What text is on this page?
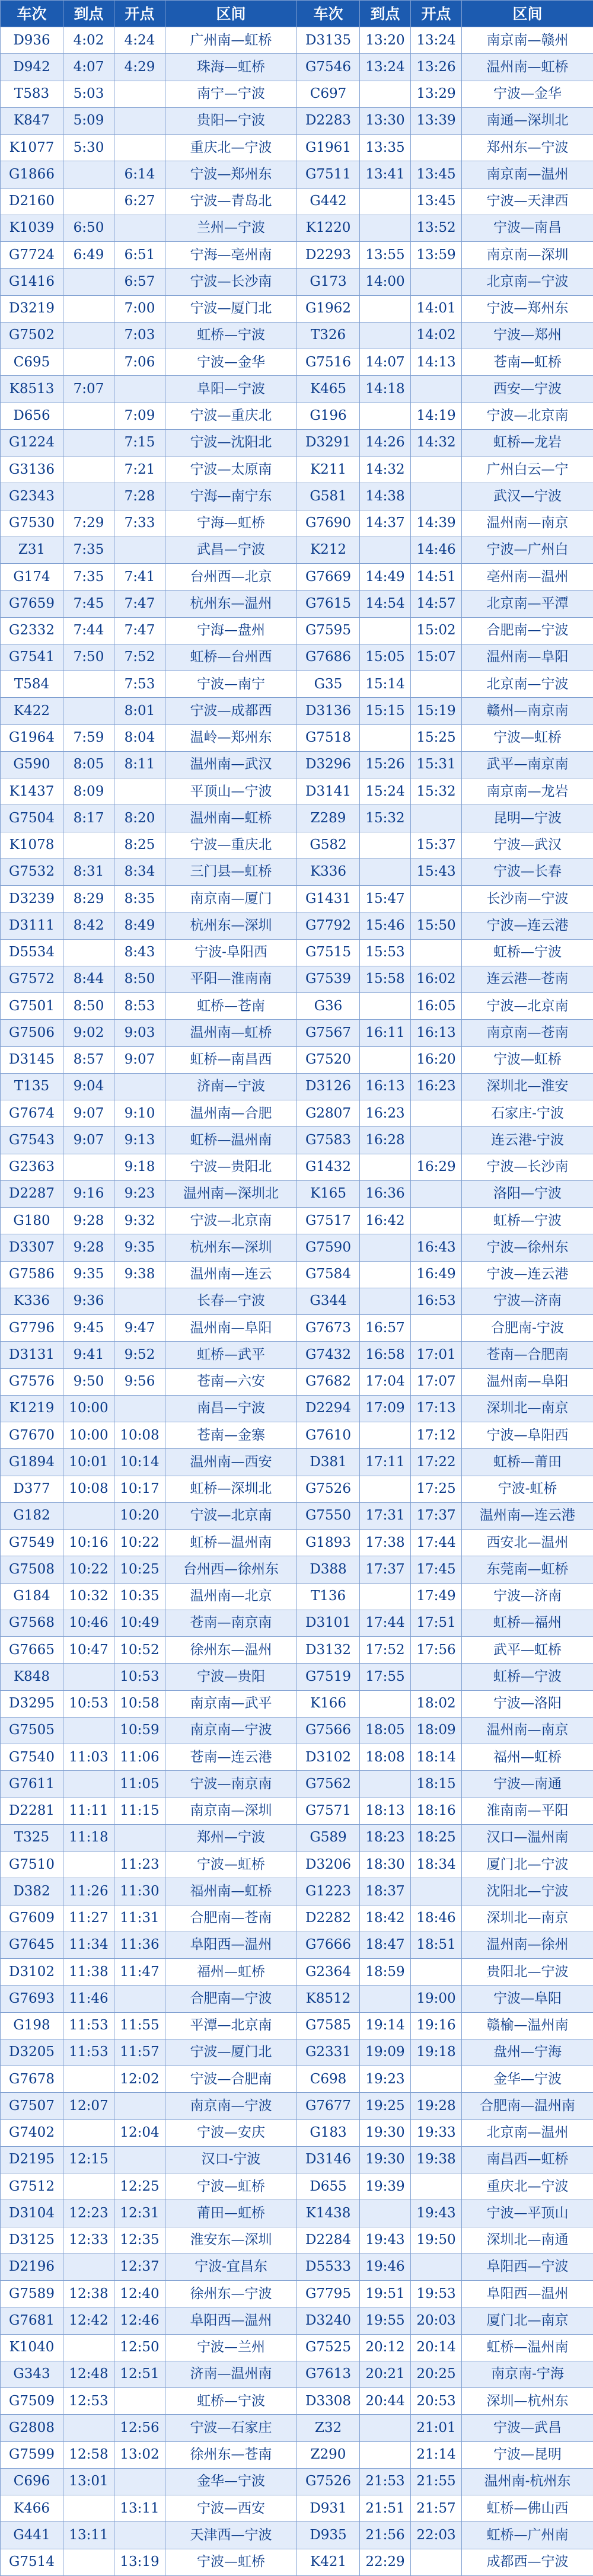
车次	到点	开点	区间	车次	到点	开点	区间
D936	4:02	4:24	广州南—虹桥	D3135	13:20	13:24	南京南—赣州
D942	4:07	4:29	珠海—虹桥	G7546	13:24	13:26	温州南—虹桥
T583	5:03		南宁—宁波	C697		13:29	宁波—金华
K847	5:09		贵阳—宁波	D2283	13:30	13:39	南通—深圳北
K1077	5:30		重庆北—宁波	G1961	13:35		郑州东—宁波
G1866		6:14	宁波—郑州东	G7511	13:41	13:45	南京南—温州
D2160		6:27	宁波—青岛北	G442		13:45	宁波—天津西
K1039	6:50		兰州—宁波	K1220		13:52	宁波—南昌
G7724	6:49	6:51	宁海—亳州南	D2293	13:55	13:59	南京南—深圳
G1416		6:57	宁波—长沙南	G173	14:00		北京南—宁波
D3219		7:00	宁波—厦门北	G1962		14:01	宁波—郑州东
G7502		7:03	虹桥—宁波	T326		14:02	宁波—郑州
C695		7:06	宁波—金华	G7516	14:07	14:13	苍南—虹桥
K8513	7:07		阜阳—宁波	K465	14:18		西安—宁波
D656		7:09	宁波—重庆北	G196		14:19	宁波—北京南
G1224		7:15	宁波—沈阳北	D3291	14:26	14:32	虹桥—龙岩
G3136		7:21	宁波—太原南	K211	14:32		广州白云—宁
G2343		7:28	宁海—南宁东	G581	14:38		武汉—宁波
G7530	7:29	7:33	宁海—虹桥	G7690	14:37	14:39	温州南—南京
Z31	7:35		武昌—宁波	K212		14:46	宁波—广州白
G174	7:35	7:41	台州西—北京	G7669	14:49	14:51	亳州南—温州
G7659	7:45	7:47	杭州东—温州	G7615	14:54	14:57	北京南—平潭
G2332	7:44	7:47	宁海—盘州	G7595		15:02	合肥南—宁波
G7541	7:50	7:52	虹桥—台州西	G7686	15:05	15:07	温州南—阜阳
T584		7:53	宁波—南宁	G35	15:14		北京南—宁波
K422		8:01	宁波—成都西	D3136	15:15	15:19	赣州—南京南
G1964	7:59	8:04	温岭—郑州东	G7518		15:25	宁波—虹桥
G590	8:05	8:11	温州南—武汉	D3296	15:26	15:31	武平—南京南
K1437	8:09		平顶山—宁波	D3141	15:24	15:32	南京南—龙岩
G7504	8:17	8:20	温州南—虹桥	Z289	15:32		昆明—宁波
K1078		8:25	宁波—重庆北	G582		15:37	宁波—武汉
G7532	8:31	8:34	三门县—虹桥	K336		15:43	宁波—长春
D3239	8:29	8:35	南京南—厦门	G1431	15:47		长沙南—宁波
D3111	8:42	8:49	杭州东—深圳	G7792	15:46	15:50	宁波—连云港
D5534		8:43	宁波-阜阳西	G7515	15:53		虹桥—宁波
G7572	8:44	8:50	平阳—淮南南	G7539	15:58	16:02	连云港—苍南
G7501	8:50	8:53	虹桥—苍南	G36		16:05	宁波—北京南
G7506	9:02	9:03	温州南—虹桥	G7567	16:11	16:13	南京南—苍南
D3145	8:57	9:07	虹桥—南昌西	G7520		16:20	宁波—虹桥
T135	9:04		济南—宁波	D3126	16:13	16:23	深圳北—淮安
G7674	9:07	9:10	温州南—合肥	G2807	16:23		石家庄-宁波
G7543	9:07	9:13	虹桥—温州南	G7583	16:28		连云港-宁波
G2363		9:18	宁波—贵阳北	G1432		16:29	宁波—长沙南
D2287	9:16	9:23	温州南—深圳北	K165	16:36		洛阳—宁波
G180	9:28	9:32	宁波—北京南	G7517	16:42		虹桥—宁波
D3307	9:28	9:35	杭州东—深圳	G7590		16:43	宁波—徐州东
G7586	9:35	9:38	温州南—连云	G7584		16:49	宁波—连云港
K336	9:36		长春—宁波	G344		16:53	宁波—济南
G7796	9:45	9:47	温州南—阜阳	G7673	16:57		合肥南-宁波
D3131	9:41	9:52	虹桥—武平	G7432	16:58	17:01	苍南—合肥南
G7576	9:50	9:56	苍南—六安	G7682	17:04	17:07	温州南—阜阳
K1219	10:00		南昌—宁波	D2294	17:09	17:13	深圳北—南京
G7670	10:00	10:08	苍南—金寨	G7610		17:12	宁波—阜阳西
G1894	10:01	10:14	温州南—西安	D381	17:11	17:22	虹桥—莆田
D377	10:08	10:17	虹桥—深圳北	G7526		17:25	宁波-虹桥
G182		10:20	宁波—北京南	G7550	17:31	17:37	温州南—连云港
G7549	10:16	10:22	虹桥—温州南	G1893	17:38	17:44	西安北—温州
G7508	10:22	10:25	台州西—徐州东	D388	17:37	17:45	东莞南—虹桥
G184	10:32	10:35	温州南—北京	T136		17:49	宁波—济南
G7568	10:46	10:49	苍南—南京南	D3101	17:44	17:51	虹桥—福州
G7665	10:47	10:52	徐州东—温州	D3132	17:52	17:56	武平—虹桥
K848		10:53	宁波—贵阳	G7519	17:55		虹桥—宁波
D3295	10:53	10:58	南京南—武平	K166		18:02	宁波—洛阳
G7505		10:59	南京南—宁波	G7566	18:05	18:09	温州南—南京
G7540	11:03	11:06	苍南—连云港	D3102	18:08	18:14	福州—虹桥
G7611		11:05	宁波—南京南	G7562		18:15	宁波—南通
D2281	11:11	11:15	南京南—深圳	G7571	18:13	18:16	淮南南—平阳
T325	11:18		郑州—宁波	G589	18:23	18:25	汉口—温州南
G7510		11:23	宁波—虹桥	D3206	18:30	18:34	厦门北—宁波
D382	11:26	11:30	福州南—虹桥	G1223	18:37		沈阳北—宁波
G7609	11:27	11:31	合肥南—苍南	D2282	18:42	18:46	深圳北—南京
G7645	11:34	11:36	阜阳西—温州	G7666	18:47	18:51	温州南—徐州
D3102	11:38	11:47	福州—虹桥	G2364	18:59		贵阳北—宁波
G7693	11:46		合肥南—宁波	K8512		19:00	宁波—阜阳
G198	11:53	11:55	平潭—北京南	G7585	19:14	19:16	赣榆—温州南
D3205	11:53	11:57	宁波—厦门北	G2331	19:09	19:18	盘州—宁海
G7678		12:02	宁波—合肥南	C698	19:23		金华—宁波
G7507	12:07		南京南—宁波	G7677	19:25	19:28	合肥南—温州南
G7402		12:04	宁波—安庆	G183	19:30	19:33	北京南—温州
D2195	12:15		汉口-宁波	D3146	19:30	19:38	南昌西—虹桥
G7512		12:25	宁波—虹桥	D655	19:39		重庆北—宁波
D3104	12:23	12:31	莆田—虹桥	K1438		19:43	宁波—平顶山
D3125	12:33	12:35	淮安东—深圳	D2284	19:43	19:50	深圳北—南通
D2196		12:37	宁波-宜昌东	D5533	19:46		阜阳西—宁波
G7589	12:38	12:40	徐州东—宁波	G7795	19:51	19:53	阜阳西—温州
G7681	12:42	12:46	阜阳西—温州	D3240	19:55	20:03	厦门北—南京
K1040		12:50	宁波—兰州	G7525	20:12	20:14	虹桥—温州南
G343	12:48	12:51	济南—温州南	G7613	20:21	20:25	南京南-宁海
G7509	12:53		虹桥—宁波	D3308	20:44	20:53	深圳—杭州东
G2808		12:56	宁波—石家庄	Z32		21:01	宁波—武昌
G7599	12:58	13:02	徐州东—苍南	Z290		21:14	宁波—昆明
C696	13:01		金华—宁波	G7526	21:53	21:55	温州南-杭州东
K466		13:11	宁波—西安	D931	21:51	21:57	虹桥—佛山西
G441	13:11		天津西—宁波	D935	21:56	22:03	虹桥—广州南
G7514		13:19	宁波—虹桥	K421	22:29		成都西—宁波
